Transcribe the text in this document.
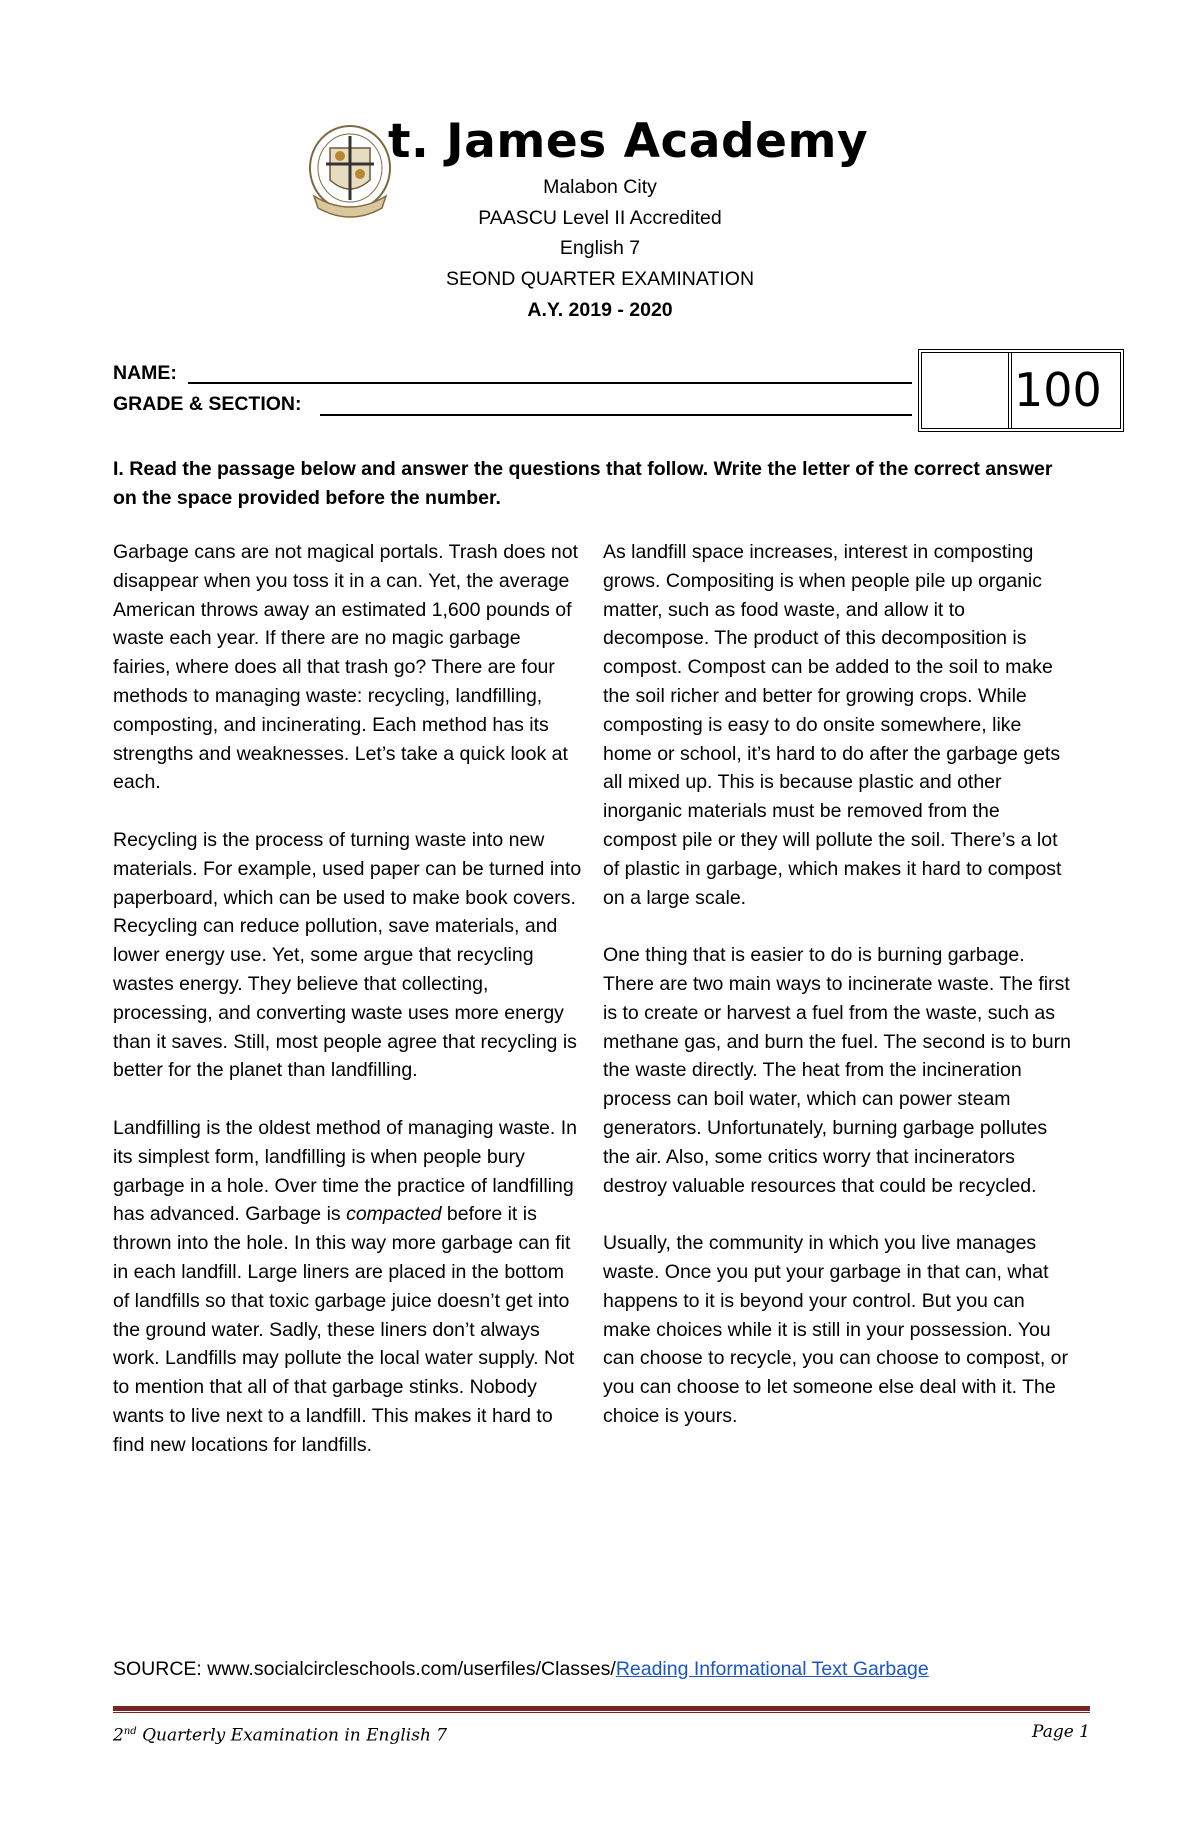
t. James Academy
Malabon City
PAASCU Level II Accredited
English 7
SEOND QUARTER EXAMINATION
A.Y. 2019 - 2020
NAME:
GRADE & SECTION:	100
I. Read the passage below and answer the questions that follow. Write the letter of the correct answer on the space provided before the number.

Garbage cans are not magical portals. Trash does not disappear when you toss it in a can. Yet, the average American throws away an estimated 1,600 pounds of waste each year. If there are no magic garbage fairies, where does all that trash go? There are four methods to managing waste: recycling, landfilling, composting, and incinerating. Each method has its strengths and weaknesses. Let’s take a quick look at each.

Recycling is the process of turning waste into new materials. For example, used paper can be turned into paperboard, which can be used to make book covers. Recycling can reduce pollution, save materials, and lower energy use. Yet, some argue that recycling wastes energy. They believe that collecting, processing, and converting waste uses more energy than it saves. Still, most people agree that recycling is better for the planet than landfilling.

Landfilling is the oldest method of managing waste. In its simplest form, landfilling is when people bury garbage in a hole. Over time the practice of landfilling has advanced. Garbage is compacted before it is thrown into the hole. In this way more garbage can fit in each landfill. Large liners are placed in the bottom of landfills so that toxic garbage juice doesn’t get into the ground water. Sadly, these liners don’t always work. Landfills may pollute the local water supply. Not to mention that all of that garbage stinks. Nobody wants to live next to a landfill. This makes it hard to find new locations for landfills.

As landfill space increases, interest in composting grows. Compositing is when people pile up organic matter, such as food waste, and allow it to decompose. The product of this decomposition is compost. Compost can be added to the soil to make the soil richer and better for growing crops. While composting is easy to do onsite somewhere, like home or school, it’s hard to do after the garbage gets all mixed up. This is because plastic and other inorganic materials must be removed from the compost pile or they will pollute the soil. There’s a lot of plastic in garbage, which makes it hard to compost on a large scale.

One thing that is easier to do is burning garbage. There are two main ways to incinerate waste. The first is to create or harvest a fuel from the waste, such as methane gas, and burn the fuel. The second is to burn the waste directly. The heat from the incineration process can boil water, which can power steam generators. Unfortunately, burning garbage pollutes the air. Also, some critics worry that incinerators destroy valuable resources that could be recycled.

Usually, the community in which you live manages waste. Once you put your garbage in that can, what happens to it is beyond your control. But you can make choices while it is still in your possession. You can choose to recycle, you can choose to compost, or you can choose to let someone else deal with it. The choice is yours.

SOURCE: www.socialcircleschools.com/userfiles/Classes/Reading Informational Text Garbage
2nd Quarterly Examination in English 7	Page 1
